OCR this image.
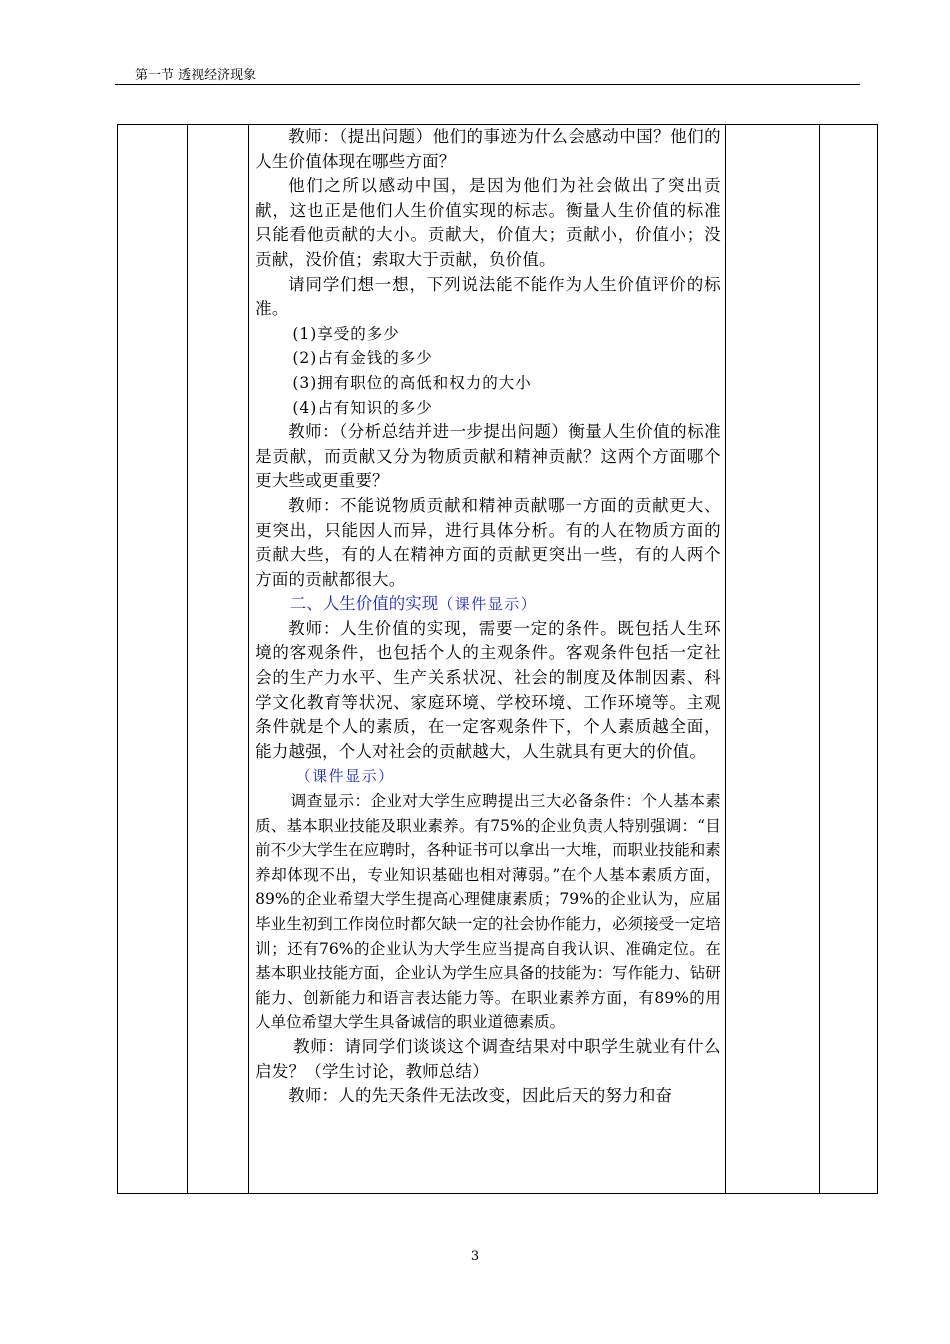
第一节 透视经济现象

教师：（提出问题）他们的事迹为什么会感动中国？他们的人生价值体现在哪些方面？

他们之所以感动中国，是因为他们为社会做出了突出贡献，这也正是他们人生价值实现的标志。衡量人生价值的标准只能看他贡献的大小。贡献大，价值大；贡献小，价值小；没贡献，没价值；索取大于贡献，负价值。

请同学们想一想，下列说法能不能作为人生价值评价的标准。

(1)享受的多少

(2)占有金钱的多少

(3)拥有职位的高低和权力的大小

(4)占有知识的多少

教师：（分析总结并进一步提出问题）衡量人生价值的标准是贡献，而贡献又分为物质贡献和精神贡献？这两个方面哪个更大些或更重要？

教师：不能说物质贡献和精神贡献哪一方面的贡献更大、更突出，只能因人而异，进行具体分析。有的人在物质方面的贡献大些，有的人在精神方面的贡献更突出一些，有的人两个方面的贡献都很大。

二、人生价值的实现（课件显示）

教师：人生价值的实现，需要一定的条件。既包括人生环境的客观条件，也包括个人的主观条件。客观条件包括一定社会的生产力水平、生产关系状况、社会的制度及体制因素、科学文化教育等状况、家庭环境、学校环境、工作环境等。主观条件就是个人的素质，在一定客观条件下，个人素质越全面，能力越强，个人对社会的贡献越大，人生就具有更大的价值。

（课件显示）

调查显示：企业对大学生应聘提出三大必备条件：个人基本素质、基本职业技能及职业素养。有75%的企业负责人特别强调：“目前不少大学生在应聘时，各种证书可以拿出一大堆，而职业技能和素养却体现不出，专业知识基础也相对薄弱。”在个人基本素质方面，89%的企业希望大学生提高心理健康素质；79%的企业认为，应届毕业生初到工作岗位时都欠缺一定的社会协作能力，必须接受一定培训；还有76%的企业认为大学生应当提高自我认识、准确定位。在基本职业技能方面，企业认为学生应具备的技能为：写作能力、钻研能力、创新能力和语言表达能力等。在职业素养方面，有89%的用人单位希望大学生具备诚信的职业道德素质。

教师：请同学们谈谈这个调查结果对中职学生就业有什么启发？（学生讨论，教师总结）

教师：人的先天条件无法改变，因此后天的努力和奋

3
